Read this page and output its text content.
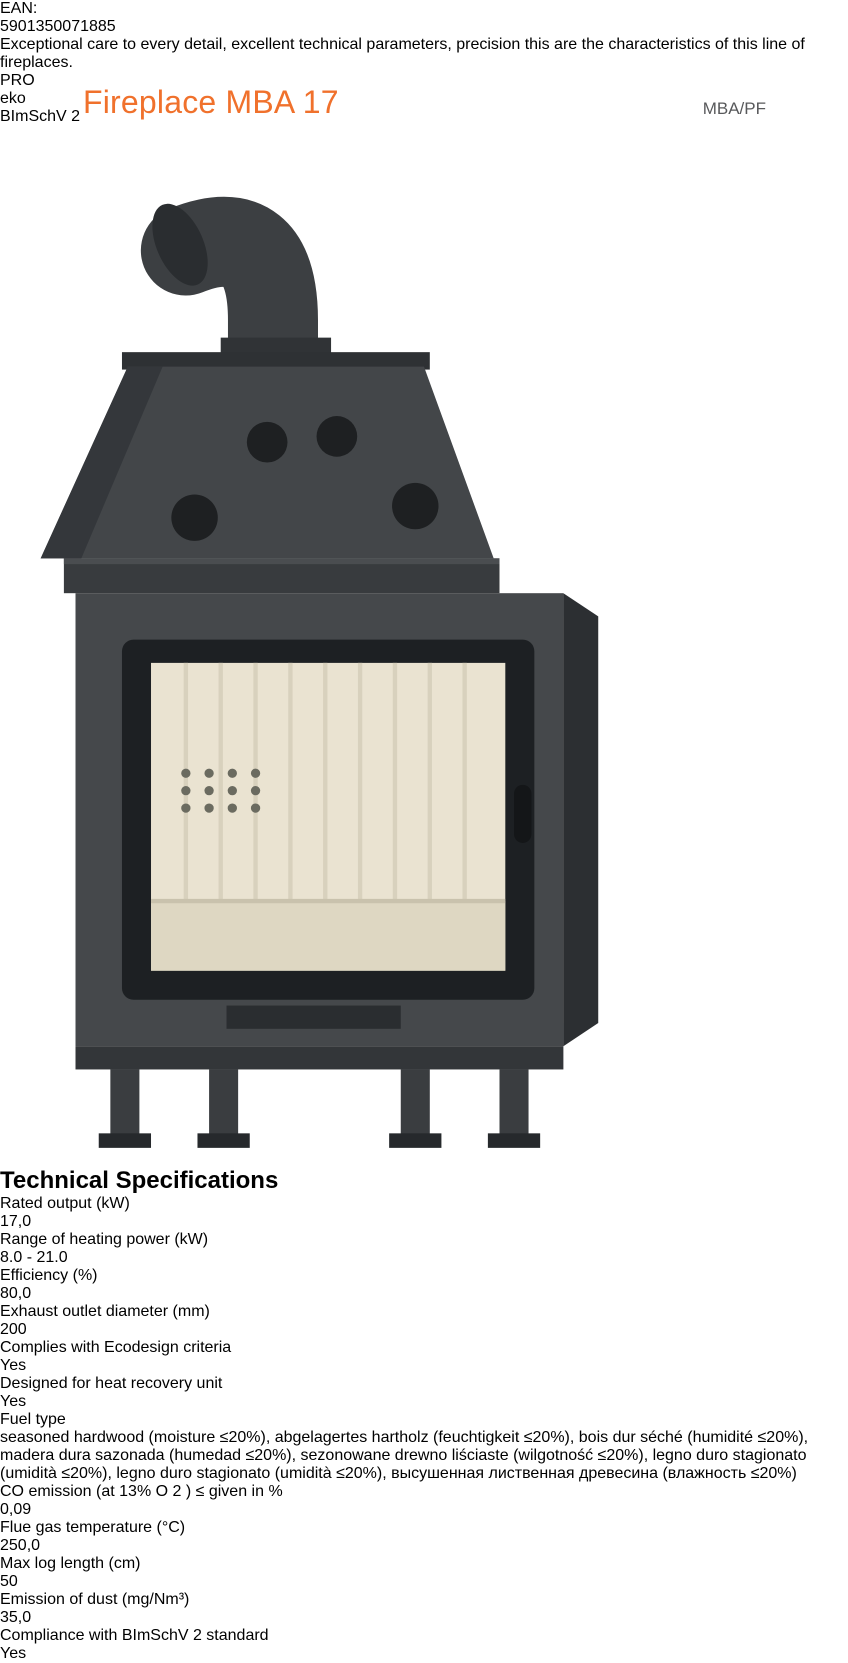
Fireplace MBA 17	MBA/PF
EAN:
5901350071885

Exceptional care to every detail, excellent technical parameters, precision this are the characteristics of this line of fireplaces.

PRO
eko
BImSchV 2
Technical Specifications
Rated output (kW)
17,0
Range of heating power (kW)
8.0 - 21.0
Efficiency (%)
80,0
Exhaust outlet diameter (mm)
200
Complies with Ecodesign criteria
Yes
Designed for heat recovery unit
Yes
Fuel type
seasoned hardwood (moisture ≤20%), abgelagertes hartholz (feuchtigkeit ≤20%), bois dur séché (humidité ≤20%), madera dura sazonada (humedad ≤20%), sezonowane drewno liściaste (wilgotność ≤20%), legno duro stagionato (umidità ≤20%), legno duro stagionato (umidità ≤20%), высушенная лиственная древесина (влажность ≤20%)
CO emission (at 13% O 2 ) ≤ given in %
0,09
Flue gas temperature (°C)
250,0
Max log length (cm)
50
Emission of dust (mg/Nm³)
35,0
Compliance with BImSchV 2 standard
Yes
